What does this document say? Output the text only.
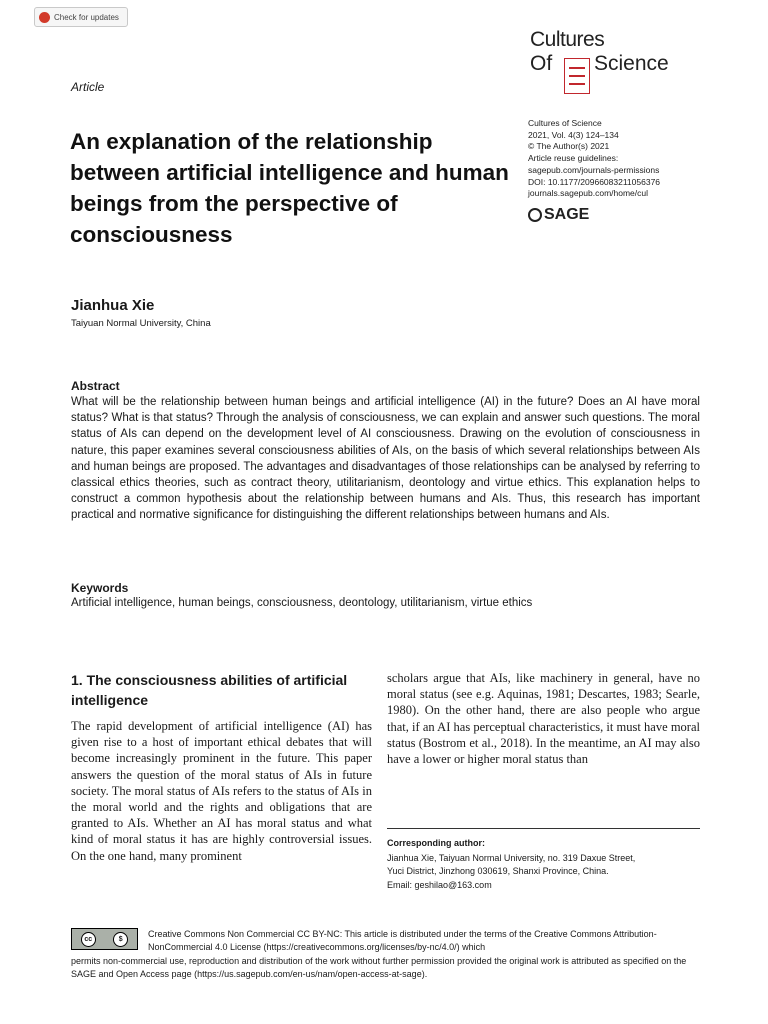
Check for updates
Article
Cultures
Of Science
Cultures of Science
2021, Vol. 4(3) 124–134
© The Author(s) 2021
Article reuse guidelines:
sagepub.com/journals-permissions
DOI: 10.1177/20966083211056376
journals.sagepub.com/home/cul
SAGE
An explanation of the relationship between artificial intelligence and human beings from the perspective of consciousness
Jianhua Xie
Taiyuan Normal University, China
Abstract
What will be the relationship between human beings and artificial intelligence (AI) in the future? Does an AI have moral status? What is that status? Through the analysis of consciousness, we can explain and answer such questions. The moral status of AIs can depend on the development level of AI consciousness. Drawing on the evolution of consciousness in nature, this paper examines several consciousness abilities of AIs, on the basis of which several relationships between AIs and human beings are proposed. The advantages and disadvantages of those relationships can be analysed by referring to classical ethics theories, such as contract theory, utilitarianism, deontology and virtue ethics. This explanation helps to construct a common hypothesis about the relationship between humans and AIs. Thus, this research has important practical and normative significance for distinguishing the different relationships between humans and AIs.
Keywords
Artificial intelligence, human beings, consciousness, deontology, utilitarianism, virtue ethics
1. The consciousness abilities of artificial intelligence
The rapid development of artificial intelligence (AI) has given rise to a host of important ethical debates that will become increasingly prominent in the future. This paper answers the question of the moral status of AIs in future society. The moral status of AIs refers to the status of AIs in the moral world and the rights and obligations that are granted to AIs. Whether an AI has moral status and what kind of moral status it has are highly controversial issues. On the one hand, many prominent
scholars argue that AIs, like machinery in general, have no moral status (see e.g. Aquinas, 1981; Descartes, 1983; Searle, 1980). On the other hand, there are also people who argue that, if an AI has perceptual characteristics, it must have moral status (Bostrom et al., 2018). In the meantime, an AI may also have a lower or higher moral status than
Corresponding author:
Jianhua Xie, Taiyuan Normal University, no. 319 Daxue Street,
Yuci District, Jinzhong 030619, Shanxi Province, China.
Email: geshilao@163.com
cc	$	Creative Commons Non Commercial CC BY-NC: This article is distributed under the terms of the Creative Commons Attribution-NonCommercial 4.0 License (https://creativecommons.org/licenses/by-nc/4.0/) which
permits non-commercial use, reproduction and distribution of the work without further permission provided the original work is attributed as specified on the SAGE and Open Access page (https://us.sagepub.com/en-us/nam/open-access-at-sage).
